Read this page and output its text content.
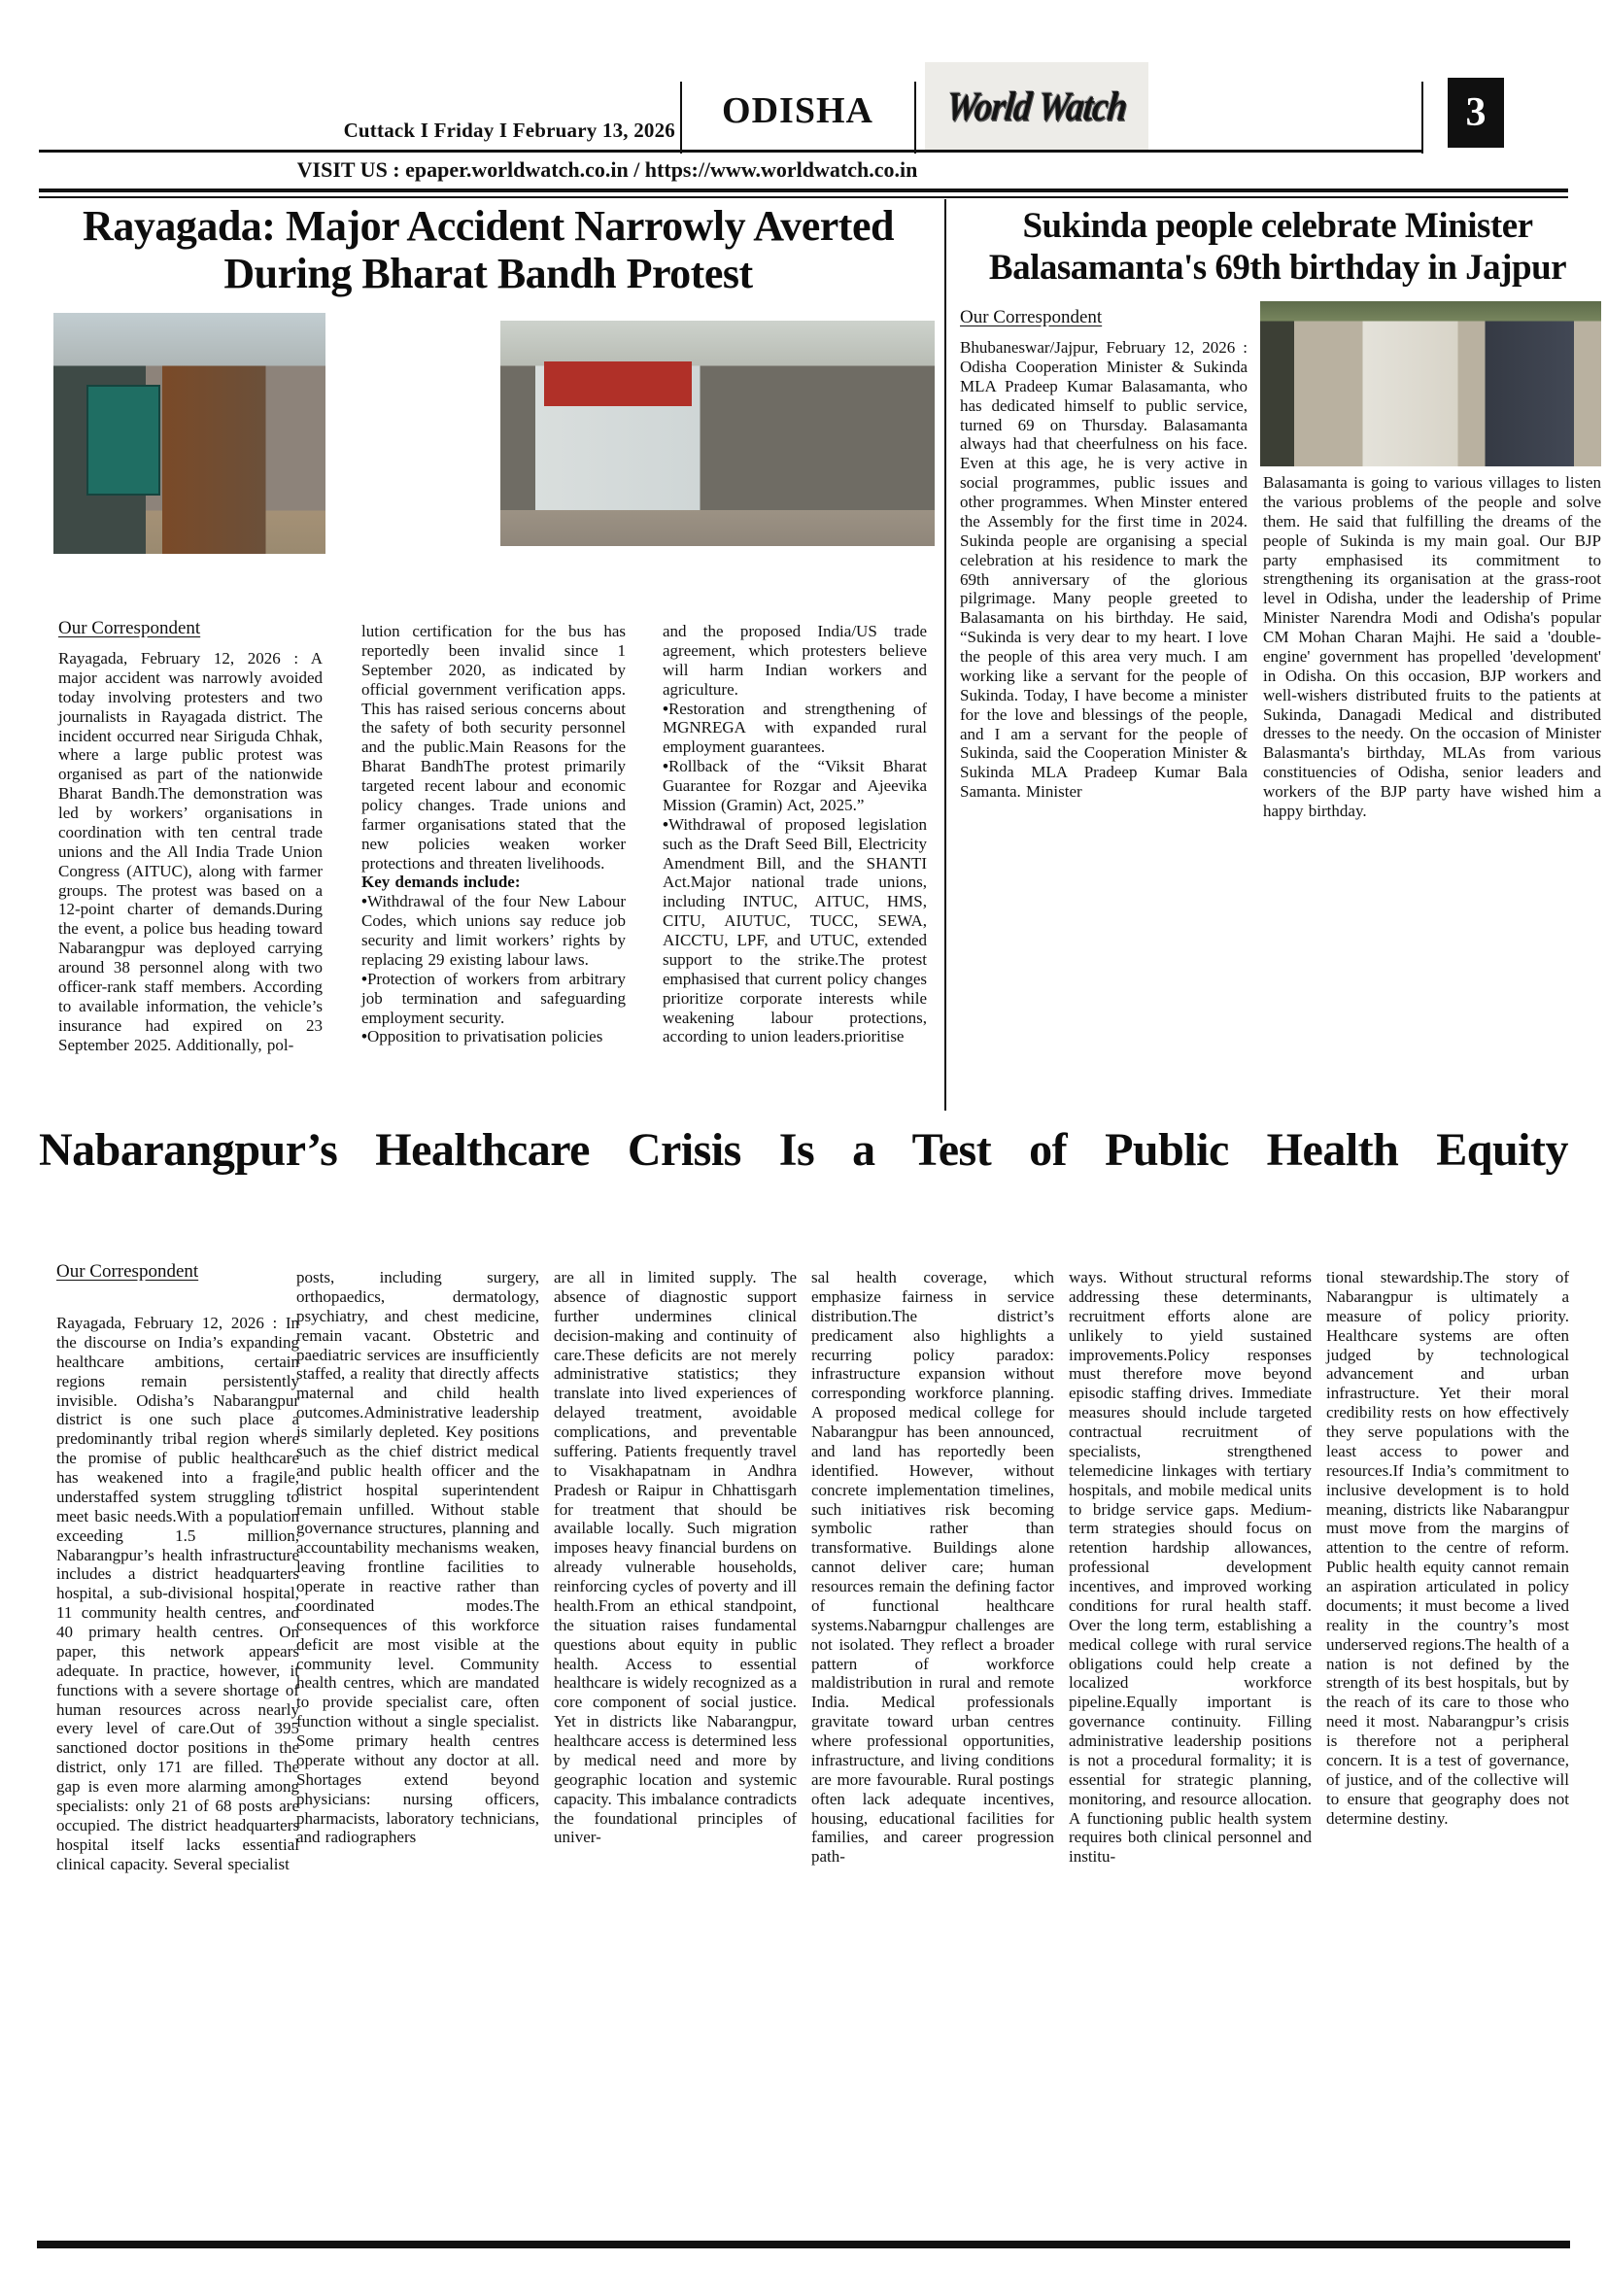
Cuttack I Friday I February 13, 2026	ODISHA	World Watch	3
VISIT US : epaper.worldwatch.co.in / https://www.worldwatch.co.in
Rayagada: Major Accident Narrowly Averted During Bharat Bandh Protest
Our Correspondent
Rayagada, February 12, 2026 : A major accident was narrowly avoided today involving protesters and two journalists in Rayagada district. The incident occurred near Siriguda Chhak, where a large public protest was organised as part of the nationwide Bharat Bandh.The demonstration was led by workers’ organisations in coordination with ten central trade unions and the All India Trade Union Congress (AITUC), along with farmer groups. The protest was based on a 12-point charter of demands.During the event, a police bus heading toward Nabarangpur was deployed carrying around 38 personnel along with two officer-rank staff members. According to available information, the vehicle’s insurance had expired on 23 September 2025. Additionally, pol-
lution certification for the bus has reportedly been invalid since 1 September 2020, as indicated by official government verification apps. This has raised serious concerns about the safety of both security personnel and the public.Main Reasons for the Bharat BandhThe protest primarily targeted recent labour and economic policy changes. Trade unions and farmer organisations stated that the new policies weaken worker protections and threaten livelihoods.
Key demands include:
• Withdrawal of the four New Labour Codes, which unions say reduce job security and limit workers’ rights by replacing 29 existing labour laws.
• Protection of workers from arbitrary job termination and safeguarding employment security.
• Opposition to privatisation policies
and the proposed India/US trade agreement, which protesters believe will harm Indian workers and agriculture.
• Restoration and strengthening of MGNREGA with expanded rural employment guarantees.
• Rollback of the “Viksit Bharat Guarantee for Rozgar and Ajeevika Mission (Gramin) Act, 2025.”
• Withdrawal of proposed legislation such as the Draft Seed Bill, Electricity Amendment Bill, and the SHANTI Act.Major national trade unions, including INTUC, AITUC, HMS, CITU, AIUTUC, TUCC, SEWA, AICCTU, LPF, and UTUC, extended support to the strike.The protest emphasised that current policy changes prioritize corporate interests while weakening labour protections, according to union leaders.prioritise
Sukinda people celebrate Minister Balasamanta's 69th birthday in Jajpur
Our Correspondent
Bhubaneswar/Jajpur, February 12, 2026 : Odisha Cooperation Minister & Sukinda MLA Pradeep Kumar Balasamanta, who has dedicated himself to public service, turned 69 on Thursday. Balasamanta always had that cheerfulness on his face. Even at this age, he is very active in social programmes, public issues and other programmes. When Minster entered the Assembly for the first time in 2024. Sukinda people are organising a special celebration at his residence to mark the 69th anniversary of the glorious pilgrimage. Many people greeted to Balasamanta on his birthday. He said, “Sukinda is very dear to my heart. I love the people of this area very much. I am working like a servant for the people of Sukinda. Today, I have become a minister for the love and blessings of the people, and I am a servant for the people of Sukinda, said the Cooperation Minister & Sukinda MLA Pradeep Kumar Bala Samanta. Minister
Balasamanta is going to various villages to listen the various problems of the people and solve them. He said that fulfilling the dreams of the people of Sukinda is my main goal. Our BJP party emphasised its commitment to strengthening its organisation at the grass-root level in Odisha, under the leadership of Prime Minister Narendra Modi and Odisha's popular CM Mohan Charan Majhi. He said a 'double-engine' government has propelled 'development' in Odisha. On this occasion, BJP workers and well-wishers distributed fruits to the patients at Sukinda, Danagadi Medical and distributed dresses to the needy. On the occasion of Minister Balasmanta's birthday, MLAs from various constituencies of Odisha, senior leaders and workers of the BJP party have wished him a happy birthday.
Nabarangpur’s Healthcare Crisis Is a Test of Public Health Equity
Our Correspondent
Rayagada, February 12, 2026 : In the discourse on India’s expanding healthcare ambitions, certain regions remain persistently invisible. Odisha’s Nabarangpur district is one such place a predominantly tribal region where the promise of public healthcare has weakened into a fragile, understaffed system struggling to meet basic needs.With a population exceeding 1.5 million, Nabarangpur’s health infrastructure includes a district headquarters hospital, a sub-divisional hospital, 11 community health centres, and 40 primary health centres. On paper, this network appears adequate. In practice, however, it functions with a severe shortage of human resources across nearly every level of care.Out of 395 sanctioned doctor positions in the district, only 171 are filled. The gap is even more alarming among specialists: only 21 of 68 posts are occupied. The district headquarters hospital itself lacks essential clinical capacity. Several specialist
posts, including surgery, orthopaedics, dermatology, psychiatry, and chest medicine, remain vacant. Obstetric and paediatric services are insufficiently staffed, a reality that directly affects maternal and child health outcomes.Administrative leadership is similarly depleted. Key positions such as the chief district medical and public health officer and the district hospital superintendent remain unfilled. Without stable governance structures, planning and accountability mechanisms weaken, leaving frontline facilities to operate in reactive rather than coordinated modes.The consequences of this workforce deficit are most visible at the community level. Community health centres, which are mandated to provide specialist care, often function without a single specialist. Some primary health centres operate without any doctor at all. Shortages extend beyond physicians: nursing officers, pharmacists, laboratory technicians, and radiographers
are all in limited supply. The absence of diagnostic support further undermines clinical decision-making and continuity of care.These deficits are not merely administrative statistics; they translate into lived experiences of delayed treatment, avoidable complications, and preventable suffering. Patients frequently travel to Visakhapatnam in Andhra Pradesh or Raipur in Chhattisgarh for treatment that should be available locally. Such migration imposes heavy financial burdens on already vulnerable households, reinforcing cycles of poverty and ill health.From an ethical standpoint, the situation raises fundamental questions about equity in public health. Access to essential healthcare is widely recognized as a core component of social justice. Yet in districts like Nabarangpur, healthcare access is determined less by medical need and more by geographic location and systemic capacity. This imbalance contradicts the foundational principles of univer-
sal health coverage, which emphasize fairness in service distribution.The district’s predicament also highlights a recurring policy paradox: infrastructure expansion without corresponding workforce planning. A proposed medical college for Nabarangpur has been announced, and land has reportedly been identified. However, without concrete implementation timelines, such initiatives risk becoming symbolic rather than transformative. Buildings alone cannot deliver care; human resources remain the defining factor of functional healthcare systems.Nabarngpur challenges are not isolated. They reflect a broader pattern of workforce maldistribution in rural and remote India. Medical professionals gravitate toward urban centres where professional opportunities, infrastructure, and living conditions are more favourable. Rural postings often lack adequate incentives, housing, educational facilities for families, and career progression path-
ways. Without structural reforms addressing these determinants, recruitment efforts alone are unlikely to yield sustained improvements.Policy responses must therefore move beyond episodic staffing drives. Immediate measures should include targeted contractual recruitment of specialists, strengthened telemedicine linkages with tertiary hospitals, and mobile medical units to bridge service gaps. Medium-term strategies should focus on retention hardship allowances, professional development incentives, and improved working conditions for rural health staff. Over the long term, establishing a medical college with rural service obligations could help create a localized workforce pipeline.Equally important is governance continuity. Filling administrative leadership positions is not a procedural formality; it is essential for strategic planning, monitoring, and resource allocation. A functioning public health system requires both clinical personnel and institu-
tional stewardship.The story of Nabarangpur is ultimately a measure of policy priority. Healthcare systems are often judged by technological advancement and urban infrastructure. Yet their moral credibility rests on how effectively they serve populations with the least access to power and resources.If India’s commitment to inclusive development is to hold meaning, districts like Nabarangpur must move from the margins of attention to the centre of reform. Public health equity cannot remain an aspiration articulated in policy documents; it must become a lived reality in the country’s most underserved regions.The health of a nation is not defined by the strength of its best hospitals, but by the reach of its care to those who need it most. Nabarangpur’s crisis is therefore not a peripheral concern. It is a test of governance, of justice, and of the collective will to ensure that geography does not determine destiny.
